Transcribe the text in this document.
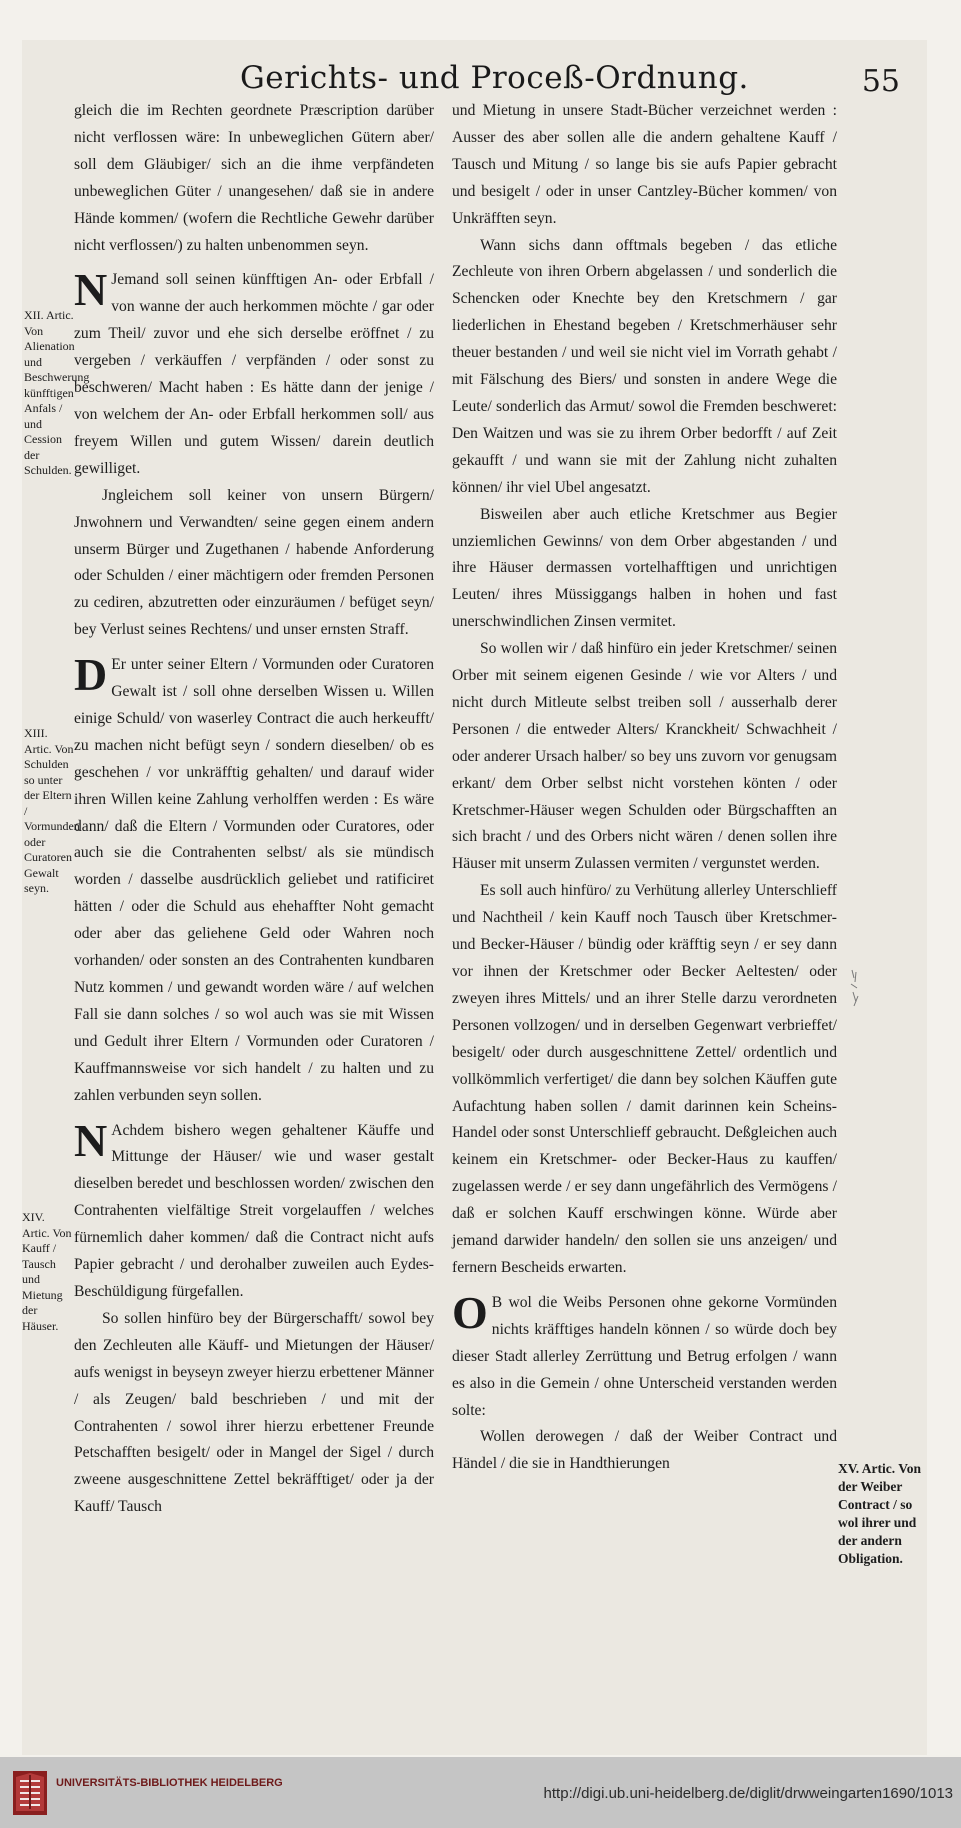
Gerichts- und Proceß-Ordnung.	55

gleich die im Rechten geordnete Præscription darüber nicht verflossen wäre: In unbeweglichen Gütern aber/ soll dem Gläubiger/ sich an die ihme verpfändeten unbeweglichen Güter / unangesehen/ daß sie in andere Hände kommen/ (wofern die Rechtliche Gewehr darüber nicht verflossen/) zu halten unbenommen seyn.

N Jemand soll seinen künfftigen An- oder Erbfall / von wanne der auch herkommen möchte / gar oder zum Theil/ zuvor und ehe sich derselbe eröffnet / zu vergeben / verkäuffen / verpfänden / oder sonst zu beschweren/ Macht haben : Es hätte dann der jenige / von welchem der An- oder Erbfall herkommen soll/ aus freyem Willen und gutem Wissen/ darein deutlich gewilliget.

Jngleichem soll keiner von unsern Bürgern/ Jnwohnern und Verwandten/ seine gegen einem andern unserm Bürger und Zugethanen / habende Anforderung oder Schulden / einer mächtigern oder fremden Personen zu cediren, abzutretten oder einzuräumen / befüget seyn/ bey Verlust seines Rechtens/ und unser ernsten Straff.

D Er unter seiner Eltern / Vormunden oder Curatoren Gewalt ist / soll ohne derselben Wissen u. Willen einige Schuld/ von waserley Contract die auch herkeufft/ zu machen nicht befügt seyn / sondern dieselben/ ob es geschehen / vor unkräfftig gehalten/ und darauf wider ihren Willen keine Zahlung verholffen werden : Es wäre dann/ daß die Eltern / Vormunden oder Curatores, oder auch sie die Contrahenten selbst/ als sie mündisch worden / dasselbe ausdrücklich geliebet und ratificiret hätten / oder die Schuld aus ehehaffter Noht gemacht oder aber das geliehene Geld oder Wahren noch vorhanden/ oder sonsten an des Contrahenten kundbaren Nutz kommen / und gewandt worden wäre / auf welchen Fall sie dann solches / so wol auch was sie mit Wissen und Gedult ihrer Eltern / Vormunden oder Curatoren / Kauffmannsweise vor sich handelt / zu halten und zu zahlen verbunden seyn sollen.

N Achdem bishero wegen gehaltener Käuffe und Mittunge der Häuser/ wie und waser gestalt dieselben beredet und beschlossen worden/ zwischen den Contrahenten vielfältige Streit vorgelauffen / welches fürnemlich daher kommen/ daß die Contract nicht aufs Papier gebracht / und derohalber zuweilen auch Eydes-Beschüldigung fürgefallen.

So sollen hinfüro bey der Bürgerschafft/ sowol bey den Zechleuten alle Käuff- und Mietungen der Häuser/ aufs wenigst in beyseyn zweyer hierzu erbettener Männer / als Zeugen/ bald beschrieben / und mit der Contrahenten / sowol ihrer hierzu erbettener Freunde Petschafften besigelt/ oder in Mangel der Sigel / durch zweene ausgeschnittene Zettel bekräfftiget/ oder ja der Kauff/ Tausch

und Mietung in unsere Stadt-Bücher verzeichnet werden : Ausser des aber sollen alle die andern gehaltene Kauff / Tausch und Mitung / so lange bis sie aufs Papier gebracht und besigelt / oder in unser Cantzley-Bücher kommen/ von Unkräfften seyn.

Wann sichs dann offtmals begeben / das etliche Zechleute von ihren Orbern abgelassen / und sonderlich die Schencken oder Knechte bey den Kretschmern / gar liederlichen in Ehestand begeben / Kretschmerhäuser sehr theuer bestanden / und weil sie nicht viel im Vorrath gehabt / mit Fälschung des Biers/ und sonsten in andere Wege die Leute/ sonderlich das Armut/ sowol die Fremden beschweret: Den Waitzen und was sie zu ihrem Orber bedorfft / auf Zeit gekaufft / und wann sie mit der Zahlung nicht zuhalten können/ ihr viel Ubel angesatzt.

Bisweilen aber auch etliche Kretschmer aus Begier unziemlichen Gewinns/ von dem Orber abgestanden / und ihre Häuser dermassen vortelhafftigen und unrichtigen Leuten/ ihres Müssiggangs halben in hohen und fast unerschwindlichen Zinsen vermitet.

So wollen wir / daß hinfüro ein jeder Kretschmer/ seinen Orber mit seinem eigenen Gesinde / wie vor Alters / und nicht durch Mitleute selbst treiben soll / ausserhalb derer Personen / die entweder Alters/ Kranckheit/ Schwachheit / oder anderer Ursach halber/ so bey uns zuvorn vor genugsam erkant/ dem Orber selbst nicht vorstehen könten / oder Kretschmer-Häuser wegen Schulden oder Bürgschafften an sich bracht / und des Orbers nicht wären / denen sollen ihre Häuser mit unserm Zulassen vermiten / vergunstet werden.

Es soll auch hinfüro/ zu Verhütung allerley Unterschlieff und Nachtheil / kein Kauff noch Tausch über Kretschmer- und Becker-Häuser / bündig oder kräfftig seyn / er sey dann vor ihnen der Kretschmer oder Becker Aeltesten/ oder zweyen ihres Mittels/ und an ihrer Stelle darzu verordneten Personen vollzogen/ und in derselben Gegenwart verbrieffet/ besigelt/ oder durch ausgeschnittene Zettel/ ordentlich und vollkömmlich verfertiget/ die dann bey solchen Käuffen gute Aufachtung haben sollen / damit darinnen kein Scheins-Handel oder sonst Unterschlieff gebraucht. Deßgleichen auch keinem ein Kretschmer- oder Becker-Haus zu kauffen/ zugelassen werde / er sey dann ungefährlich des Vermögens / daß er solchen Kauff erschwingen könne. Würde aber jemand darwider handeln/ den sollen sie uns anzeigen/ und fernern Bescheids erwarten.

O B wol die Weibs Personen ohne gekorne Vormünden nichts kräfftiges handeln können / so würde doch bey dieser Stadt allerley Zerrüttung und Betrug erfolgen / wann es also in die Gemein / ohne Unterscheid verstanden werden solte:

Wollen derowegen / daß der Weiber Contract und Händel / die sie in Handthierungen

XII. Artic. Von Alienation und Beschwerung künfftigen Anfals / und Cession der Schulden.
XIII. Artic. Von Schulden so unter der Eltern / Vormunden oder Curatoren Gewalt seyn.
XIV. Artic. Von Kauff / Tausch und Mietung der Häuser.
XV. Artic. Von der Weiber Contract / so wol ihrer und der andern Obligation.
UNIVERSITÄTS-BIBLIOTHEK HEIDELBERG
http://digi.ub.uni-heidelberg.de/diglit/drwweingarten1690/1013
